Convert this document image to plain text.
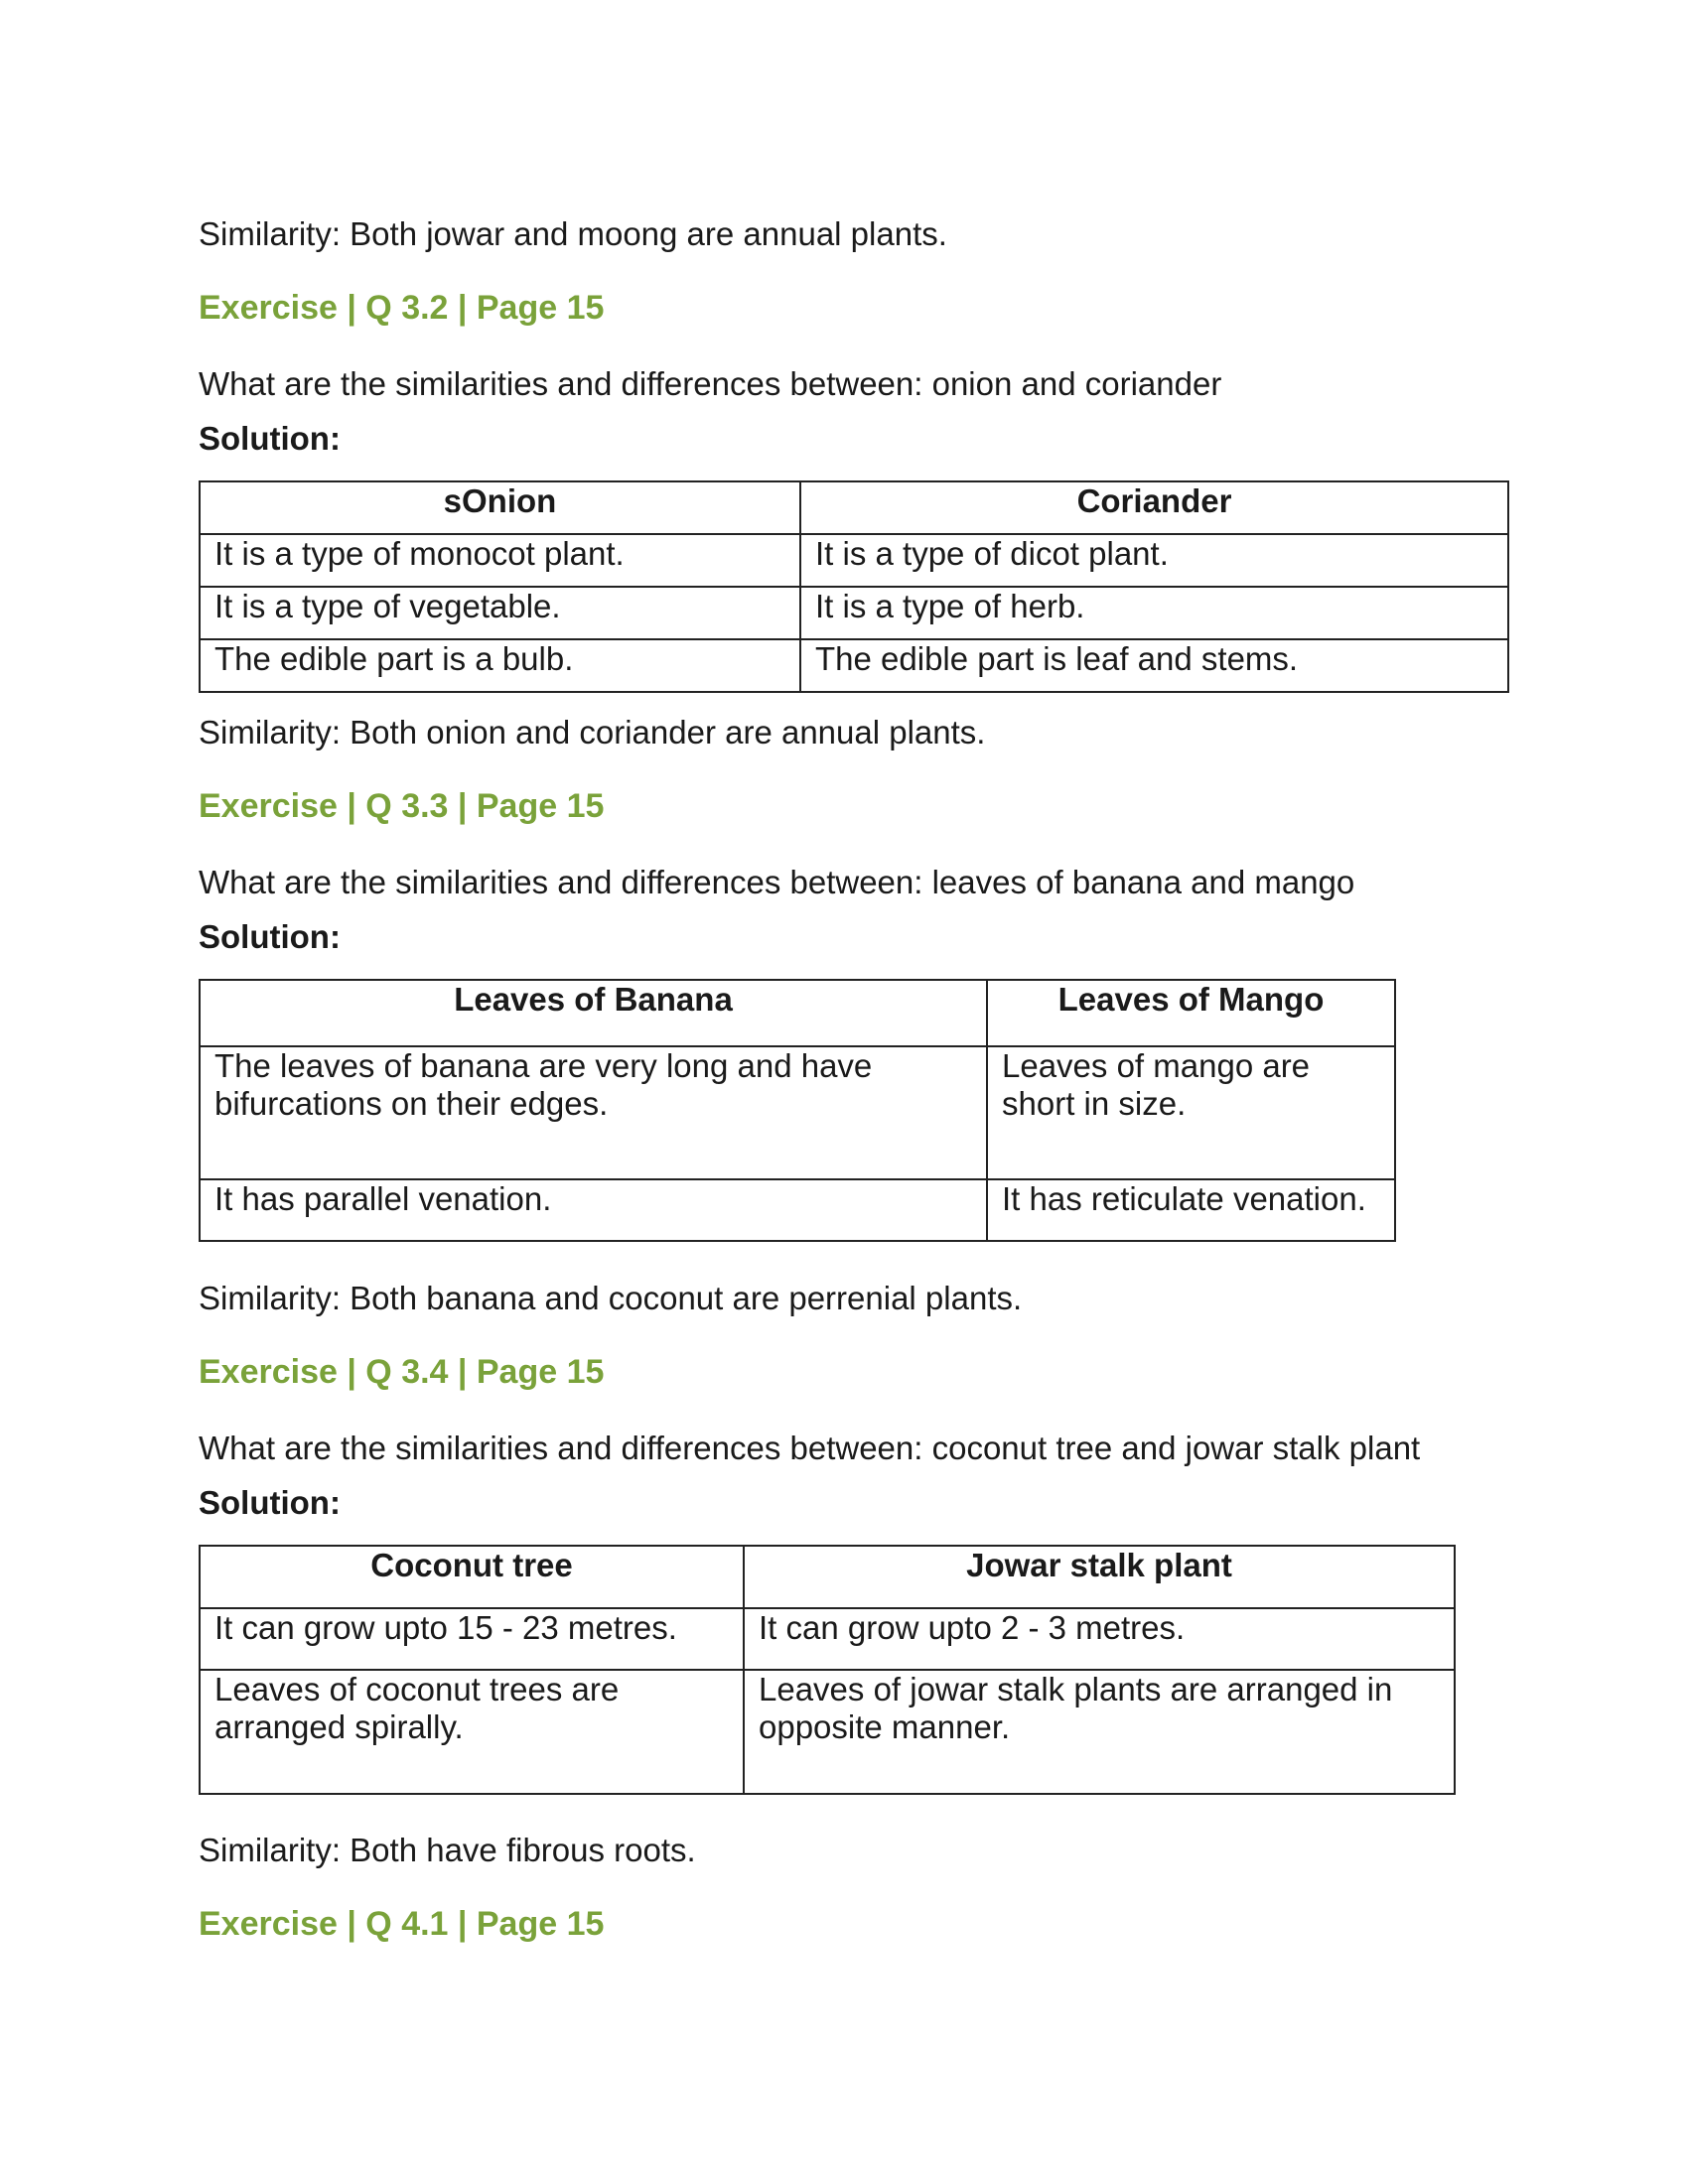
Similarity: Both jowar and moong are annual plants.

Exercise | Q 3.2 | Page 15

What are the similarities and differences between: onion and coriander

Solution:

sOnion	Coriander
It is a type of monocot plant.	It is a type of dicot plant.
It is a type of vegetable.	It is a type of herb.
The edible part is a bulb.	The edible part is leaf and stems.

Similarity: Both onion and coriander are annual plants.

Exercise | Q 3.3 | Page 15

What are the similarities and differences between: leaves of banana and mango

Solution:

Leaves of Banana	Leaves of Mango
The leaves of banana are very long and have bifurcations on their edges.	Leaves of mango are short in size.
It has parallel venation.	It has reticulate venation.

Similarity: Both banana and coconut are perrenial plants.

Exercise | Q 3.4 | Page 15

What are the similarities and differences between: coconut tree and jowar stalk plant

Solution:

Coconut tree	Jowar stalk plant
It can grow upto 15 - 23 metres.	It can grow upto 2 - 3 metres.
Leaves of coconut trees are arranged spirally.	Leaves of jowar stalk plants are arranged in opposite manner.

Similarity: Both have fibrous roots.

Exercise | Q 4.1 | Page 15
